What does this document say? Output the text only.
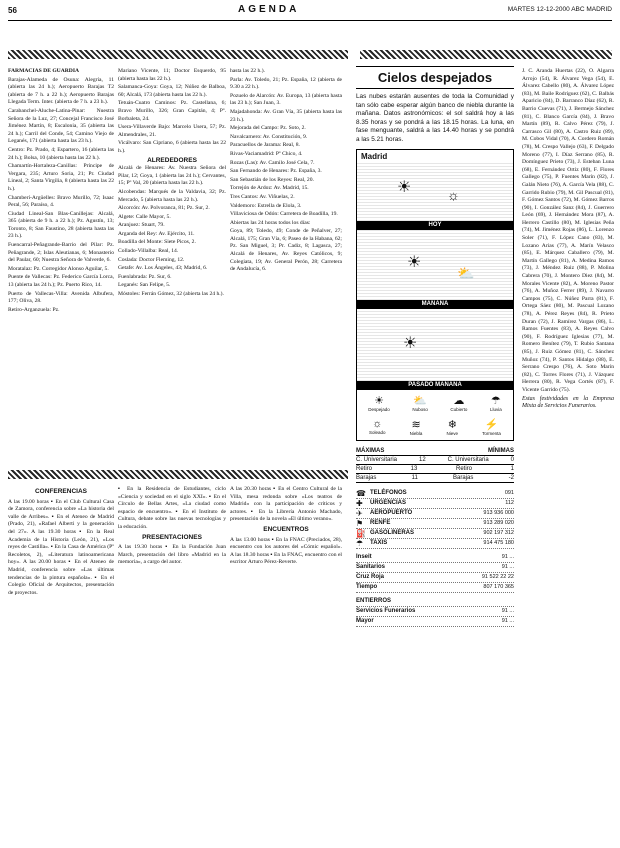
56	AGENDA	MARTES 12-12-2000 ABC MADRID

FARMACIAS DE GUARDIA

Barajas-Alameda de Osuna: Alegría, 11 (abierta las 24 h.); Aeropuerto Barajas T2 (abierta de 7 h. a 22 h.); Aeropuerto Barajas Llegada Term. Inter. (abierta de 7 h. a 23 h.).

Carabanchel-Aluche-Latina-Pinar: Nuestra Señora de la Luz, 27; Concejal Francisco José Jiménez Martín, 8; Escalonia, 35 (abierta las 24 h.); Carril del Conde, 54; Camino Viejo de Leganés, 171 (abierta hasta las 23 h.).

Centro: Pz. Prado, 4; Espartero, 16 (abierta las 24 h.); Bolsa, 10 (abierta hasta las 22 h.).

Chamartín-Hortaleza-Canillas: Príncipe de Vergara, 235; Arturo Soria, 21; Pr. Ciudad Lineal, 2; Santa Virgilia, 8 (abierta hasta las 22 h.).

Chamberí-Argüelles: Bravo Murillo, 72; Isaac Peral, 56; Paraíso, 4.

Ciudad Lineal-San Blas-Canillejas: Alcalá, 365 (abierta de 9 h. a 22 h.); Pz. Agustín, 13; Toronto, 8; San Faustino, 28 (abierta hasta las 23 h.).

Fuencarral-Peñagrande-Barrio del Pilar: Pz. Peñagrande, 2; Islas Aleutianas, 6; Monasterio del Paular, 60; Nuestra Señora de Valverde, 6.

Moratalaz: Pz. Corregidor Alonso Aguilar, 5.

Puente de Vallecas: Pz. Federico García Lorca, 13 (abierta las 24 h.); Pz. Puerto Rico, 14.

Puerto de Vallecas-Villa: Avenida Albufera, 177; Oliva, 28.

Retiro-Arganzuela: Pz.

Mariano Vicente, 11; Doctor Esquerdo, 95 (abierta hasta las 22 h.).

Salamanca-Goya: Goya, 12; Núñez de Balboa, 60; Alcalá, 173 (abierta hasta las 22 h.).

Tetuán-Cuatro Caminos: Pz. Castellana, 6; Bravo Murillo, 326; Gran Capitán, 4; Pº. Borbaleta, 24.

Usera-Villaverde Bajo: Marcelo Usera, 57; Pz. Almendrales, 21.

Vicálvaro: San Cipriano, 6 (abierta hasta las 22 h.).

ALREDEDORES

Alcalá de Henares: Av. Nuestra Señora del Pilar, 12; Goya, 1 (abierta las 24 h.); Cervantes, 15; Pº Val, 20 (abierta hasta las 22 h.).

Alcobendas: Marqués de la Valdavia, 32; Pz. Mercado, 5 (abierta hasta las 22 h.).

Alcorcón: Av. Polvoranca, 81; Pz. Sur, 2.

Algete: Calle Mayor, 5.

Aranjuez: Stuart, 79.

Arganda del Rey: Av. Ejército, 11.

Boadilla del Monte: Siete Picos, 2.

Collado-Villalba: Real, 14.

Coslada: Doctor Fleming, 12.

Getafe: Av. Los Ángeles, 43; Madrid, 6.

Fuenlabrada: Pz. Sur, 6.

Leganés: San Felipe, 5.

Móstoles: Ferrán Gómez, 32 (abierta las 24 h.).

hasta las 22 h.).

Parla: Av. Toledo, 21; Pz. España, 12 (abierta de 9.30 a 22 h.).

Pozuelo de Alarcón: Av. Europa, 13 (abierta hasta las 23 h.); San Juan, 3.

Majadahonda: Av. Gran Vía, 35 (abierta hasta las 23 h.).

Mejorada del Campo: Pz. Soto, 2.

Navalcarnero: Av. Constitución, 9.

Paracuellos de Jarama: Real, 8.

Rivas-Vaciamadrid: Pº Chico, 4.

Rozas (Las): Av. Camilo José Cela, 7.

San Fernando de Henares: Pz. España, 3.

San Sebastián de los Reyes: Real, 20.

Torrejón de Ardoz: Av. Madrid, 15.

Tres Cantos: Av. Viñuelas, 2.

Valdemoro: Estrella de Elola, 3.

Villaviciosa de Odón: Carretera de Boadilla, 19.

Abiertas las 24 horas todos los días:

Goya, 89; Toledo, 49; Conde de Peñalver, 27; Alcalá, 175; Gran Vía, 6; Paseo de la Habana, 62; Pz. San Miguel, 3; Pr. Cadiz, 8; Lagasca, 27; Alcalá de Henares, Av. Reyes Católicos, 9; Colegiata, 19; Av. General Perón, 28; Carretera de Andalucía, 6.

CONFERENCIAS

A las 19.00 horas ▪ En el Club Cultural Casa de Zamora, conferencia sobre «La historia del valle de Arribes». ▪ En el Ateneo de Madrid (Prado, 21), «Rafael Alberti y la generación del 27». A las 19.30 horas ▪ En la Real Academia de la Historia (León, 21), «Los reyes de Castilla». ▪ En la Casa de América (Pº Recoletos, 2), «Literatura latinoamericana hoy». A las 20.00 horas ▪ En el Ateneo de Madrid, conferencia sobre «Las últimas tendencias de la pintura española». ▪ En el Colegio Oficial de Arquitectos, presentación de proyectos.

▪ En la Residencia de Estudiantes, ciclo «Ciencia y sociedad en el siglo XXI». ▪ En el Círculo de Bellas Artes, «La ciudad como espacio de encuentro». ▪ En el Instituto de Cultura, debate sobre las nuevas tecnologías y la educación.

PRESENTACIONES

A las 19.30 horas ▪ En la Fundación Juan March, presentación del libro «Madrid en la memoria», a cargo del autor.

A las 20.30 horas ▪ En el Centro Cultural de la Villa, mesa redonda sobre «Los teatros de Madrid» con la participación de críticos y actores. ▪ En la Librería Antonio Machado, presentación de la novela «El último verano».

ENCUENTROS

A las 13.00 horas ▪ En la FNAC (Preciados, 28), encuentro con los autores del «Cómic español». A las 18.30 horas ▪ En la FNAC, encuentro con el escritor Arturo Pérez-Reverte.

Cielos despejados
Las nubes estarán ausentes de toda la Comunidad y tan sólo cabe esperar algún banco de niebla durante la mañana. Datos astronómicos: el sol saldrá hoy a las 8.35 horas y se pondrá a las 18.15 horas. La luna, en fase menguante, saldrá a las 14.40 horas y se pondrá a las 5.21 horas.
Madrid
☀
☼
HOY
☀
⛅
MAÑANA
☀
PASADO MAÑANA
☀
Despejado
⛅
Nuboso
☁
Cubierto
☂
Lluvia
☼
Soleado
≋
Niebla
❄
Nieve
⚡
Tormenta
MÁXIMAS	MÍNIMAS
C. Universitaria	12	C. Universitaria	0
Retiro	13	Retiro	1
Barajas	11	Barajas	-2
☎ TELÉFONOS	091
✚	URGENCIAS	112
✈	AEROPUERTO	913 936 000
⚑	RENFE	913 289 020
⛽ GASOLINERAS	902 197 312
☂	TAXIS	914 475 180
Inseit	91 ...
Sanitarios	91 ...
Cruz Roja	91 522 22 22
Tiempo	807 170 365
ENTIERROS
Servicios Funerarios	91 ...
Mayor	91 ...

J. C. Aranda Huertas (22), O. Algarra Arrojo (54), R. Álvarez Vega (54), E. Álvarez Cabello (80), A. Álvarez López (83), M. Baile Rodríguez (62), C. Balbás Aparicio (84), D. Barranco Díaz (62), R. Barrio Cuevas (71), J. Bermejo Sánchez (81), C. Blanco García (84), J. Bravo Martín (89), R. Calvo Pérez (79), J. Carrasco Gil (80), A. Castro Ruiz (89), M. Cobos Vidal (70), A. Cordero Román (78), M. Crespo Vallejo (63), F. Delgado Moreno (77), I. Díaz Serrano (85), R. Domínguez Prieto (73), J. Esteban Luna (68), E. Fernández Ortiz (80), F. Flores Gallego (75), P. Fuentes Marín (82), J. Galán Nieto (76), A. García Vela (88), C. Garrido Rubio (79), M. Gil Pascual (81), F. Gómez Santos (72), M. Gómez Barros (90), I. González Sanz (84), J. Guerrero León (69), J. Hernández Mora (87), A. Herrero Castillo (80), M. Iglesias Peña (74), M. Jiménez Rojas (86), L. Lorenzo Soler (71), F. López Cano (83), M. Lozano Arias (77), A. Marín Velasco (85), E. Márquez Caballero (79), M. Martín Gallego (81), A. Medina Ramos (73), J. Méndez Ruiz (88), P. Molina Cabrera (70), J. Montero Diez (84), M. Morales Vicente (82), A. Moreno Pastor (76), A. Muñoz Ferrer (89), J. Navarro Campos (75), C. Núñez Parra (81), F. Ortega Sáez (80), M. Pascual Lozano (78), A. Pérez Reyes (84), R. Prieto Duran (72), J. Ramírez Vargas (86), L. Ramos Fuentes (83), A. Reyes Calvo (90), F. Rodríguez Iglesias (77), M. Romero Benítez (79), T. Rubio Santana (85), J. Ruiz Gómez (81), C. Sánchez Muñoz (74), P. Santos Hidalgo (88), E. Serrano Crespo (76), A. Soto Marín (82), C. Torres Flores (71), J. Vázquez Herrera (80), R. Vega Cortés (87), F. Vicente Garrido (75).

Estas festividades en la Empresa Mixta de Servicios Funerarios.
